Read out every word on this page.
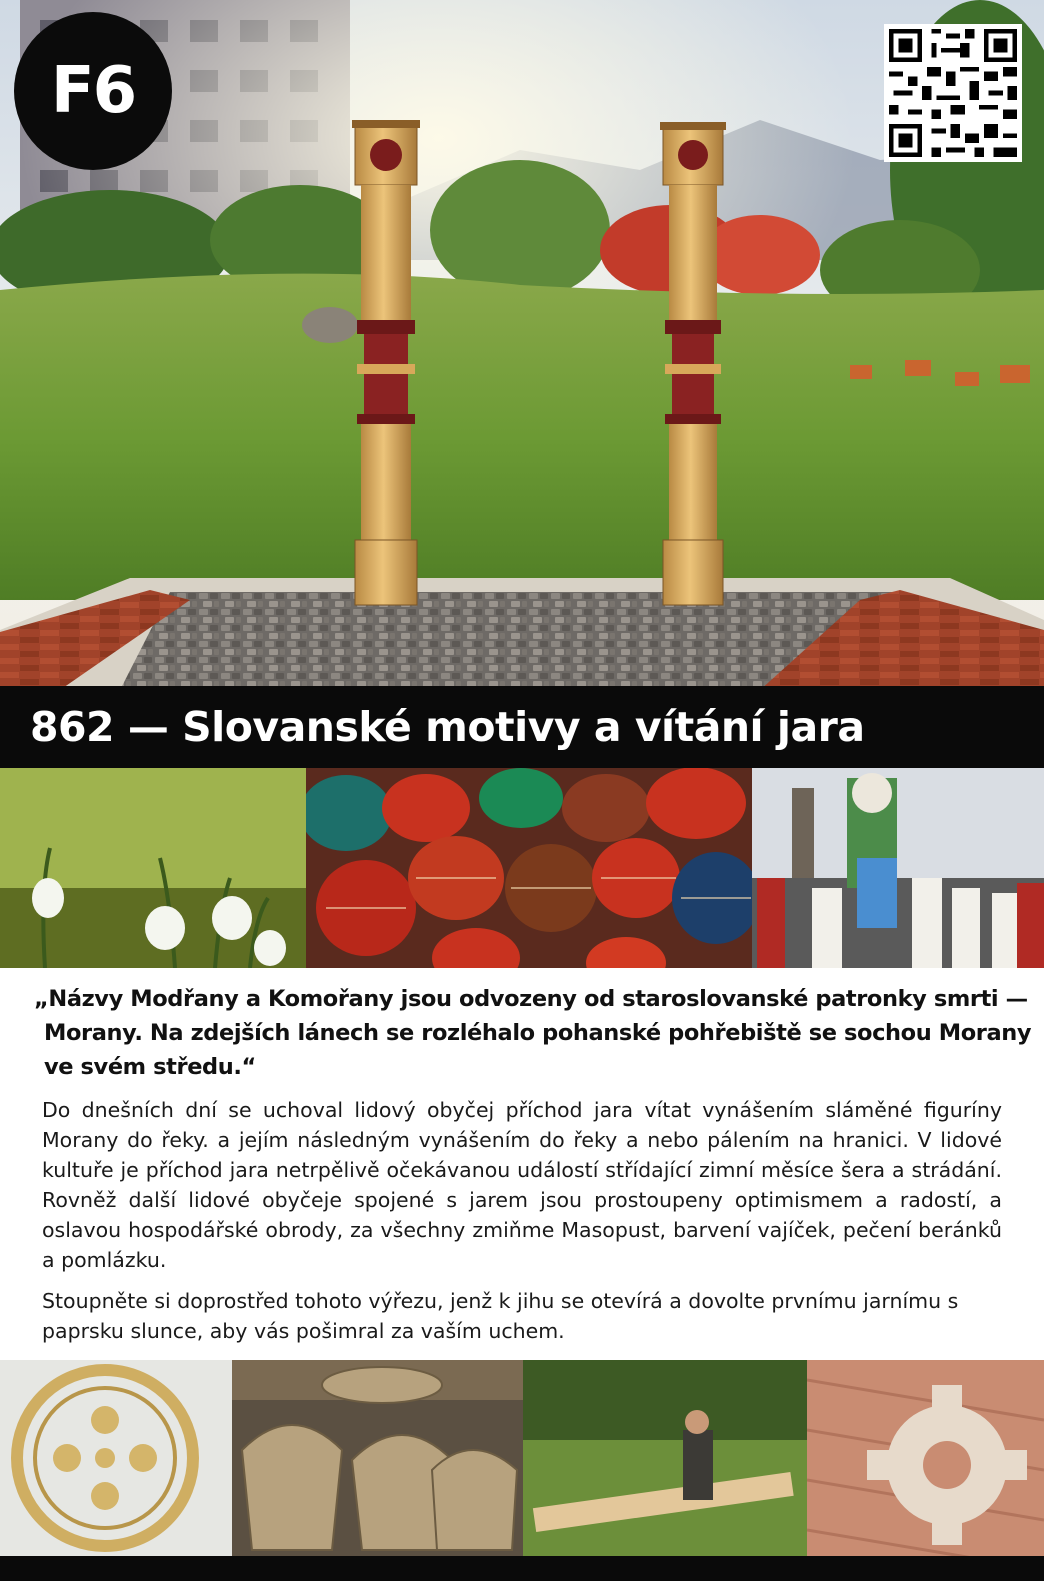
F6
862 — Slovanské motivy a vítání jara
„Názvy Modřany a Komořany jsou odvozeny od staroslovanské patronky smrti — Morany. Na zdejších lánech se rozléhalo pohanské pohřebiště se sochou Morany ve svém středu.“

Do dnešních dní se uchoval lidový obyčej příchod jara vítat vynášením sláměné figuríny Morany do řeky. a jejím následným vynášením do řeky a nebo pálením na hranici. V lidové kultuře je příchod jara netrpělivě očekávanou událostí střídající zimní měsíce šera a strádání. Rovněž další lidové obyčeje spojené s jarem jsou prostoupeny optimismem a radostí, a oslavou hospodářské obrody, za všechny zmiňme Masopust, barvení vajíček, pečení beránků a pomlázku.

Stoupněte si doprostřed tohoto výřezu, jenž k jihu se otevírá a dovolte prvnímu jarnímu s paprsku slunce, aby vás pošimral za vaším uchem.
